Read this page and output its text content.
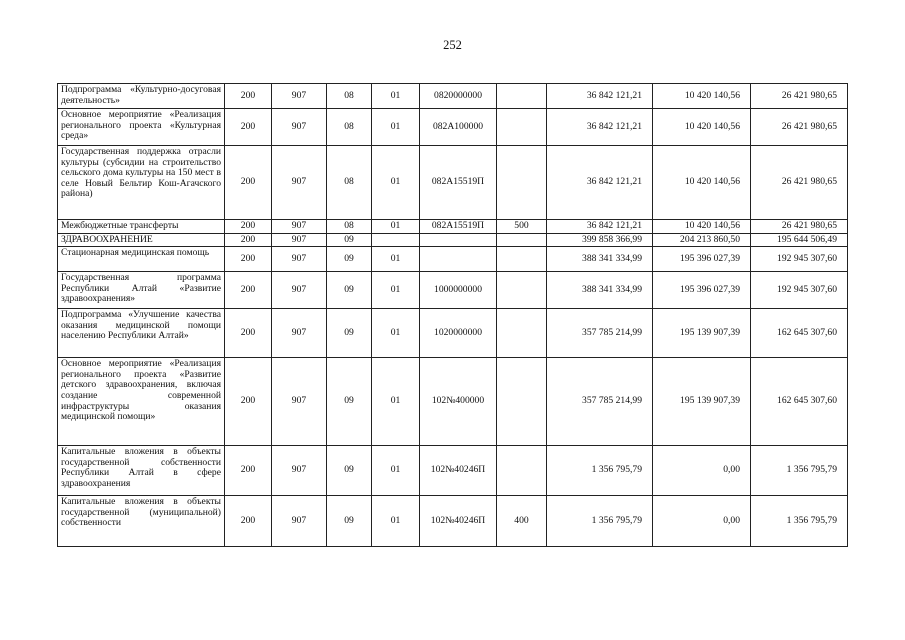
252
Подпрограмма «Культурно-досуговая деятельность»	200	907	08	01	0820000000		36 842 121,21	10 420 140,56	26 421 980,65
Основное мероприятие «Реализация регионального проекта «Культурная среда»	200	907	08	01	082A100000		36 842 121,21	10 420 140,56	26 421 980,65
Государственная поддержка отрасли культуры (субсидии на строительство сельского дома культуры на 150 мест в селе Новый Бельтир Кош-Агачского района)	200	907	08	01	082A15519П		36 842 121,21	10 420 140,56	26 421 980,65
Межбюджетные трансферты	200	907	08	01	082A15519П	500	36 842 121,21	10 420 140,56	26 421 980,65
ЗДРАВООХРАНЕНИЕ	200	907	09				399 858 366,99	204 213 860,50	195 644 506,49
Стационарная медицинская помощь	200	907	09	01			388 341 334,99	195 396 027,39	192 945 307,60
Государственная программа Республики Алтай «Развитие здравоохранения»	200	907	09	01	1000000000		388 341 334,99	195 396 027,39	192 945 307,60
Подпрограмма «Улучшение качества оказания медицинской помощи населению Республики Алтай»	200	907	09	01	1020000000		357 785 214,99	195 139 907,39	162 645 307,60
Основное мероприятие «Реализация регионального проекта «Развитие детского здравоохранения, включая создание современной инфраструктуры оказания медицинской помощи»	200	907	09	01	102№400000		357 785 214,99	195 139 907,39	162 645 307,60
Капитальные вложения в объекты государственной собственности Республики Алтай в сфере здравоохранения	200	907	09	01	102№40246П		1 356 795,79	0,00	1 356 795,79
Капитальные вложения в объекты государственной (муниципальной) собственности	200	907	09	01	102№40246П	400	1 356 795,79	0,00	1 356 795,79
